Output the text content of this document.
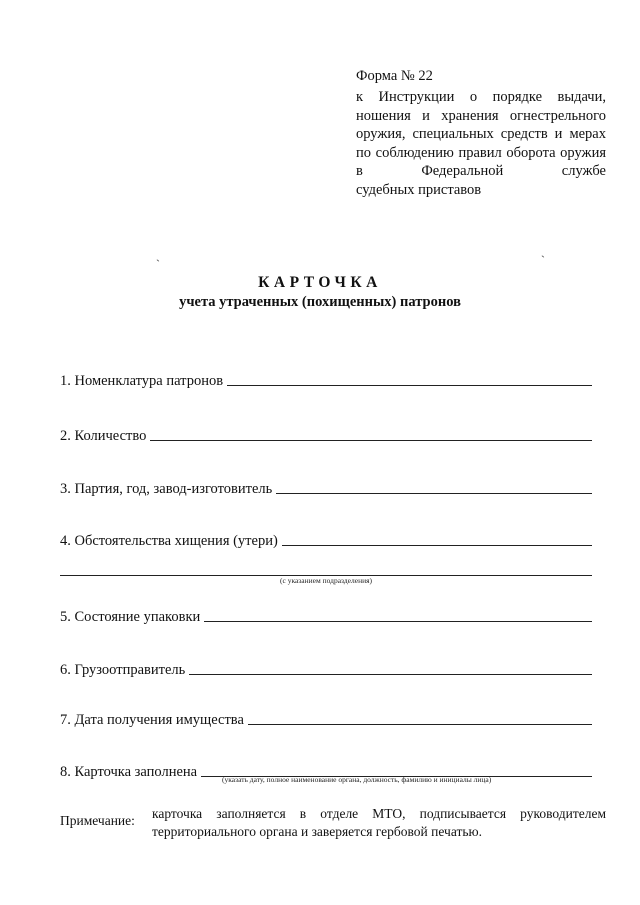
Форма № 22
к Инструкции о порядке выдачи, ношения и хранения огнестрельного оружия, специальных средств и мерах по соблюдению правил оборота оружия в Федеральной службе
судебных приставов
ˎ	ˎ
КАРТОЧКА
учета утраченных (похищенных) патронов
1. Номенклатура патронов
2. Количество
3. Партия, год, завод-изготовитель
4. Обстоятельства хищения (утери)
(с указанием подразделения)
5. Состояние упаковки
6. Грузоотправитель
7. Дата получения имущества
8. Карточка заполнена	(указать дату, полное наименование органа, должность, фамилию и инициалы лица)
Примечание: карточка заполняется в отделе МТО, подписывается руководителем
территориального органа и заверяется гербовой печатью.
